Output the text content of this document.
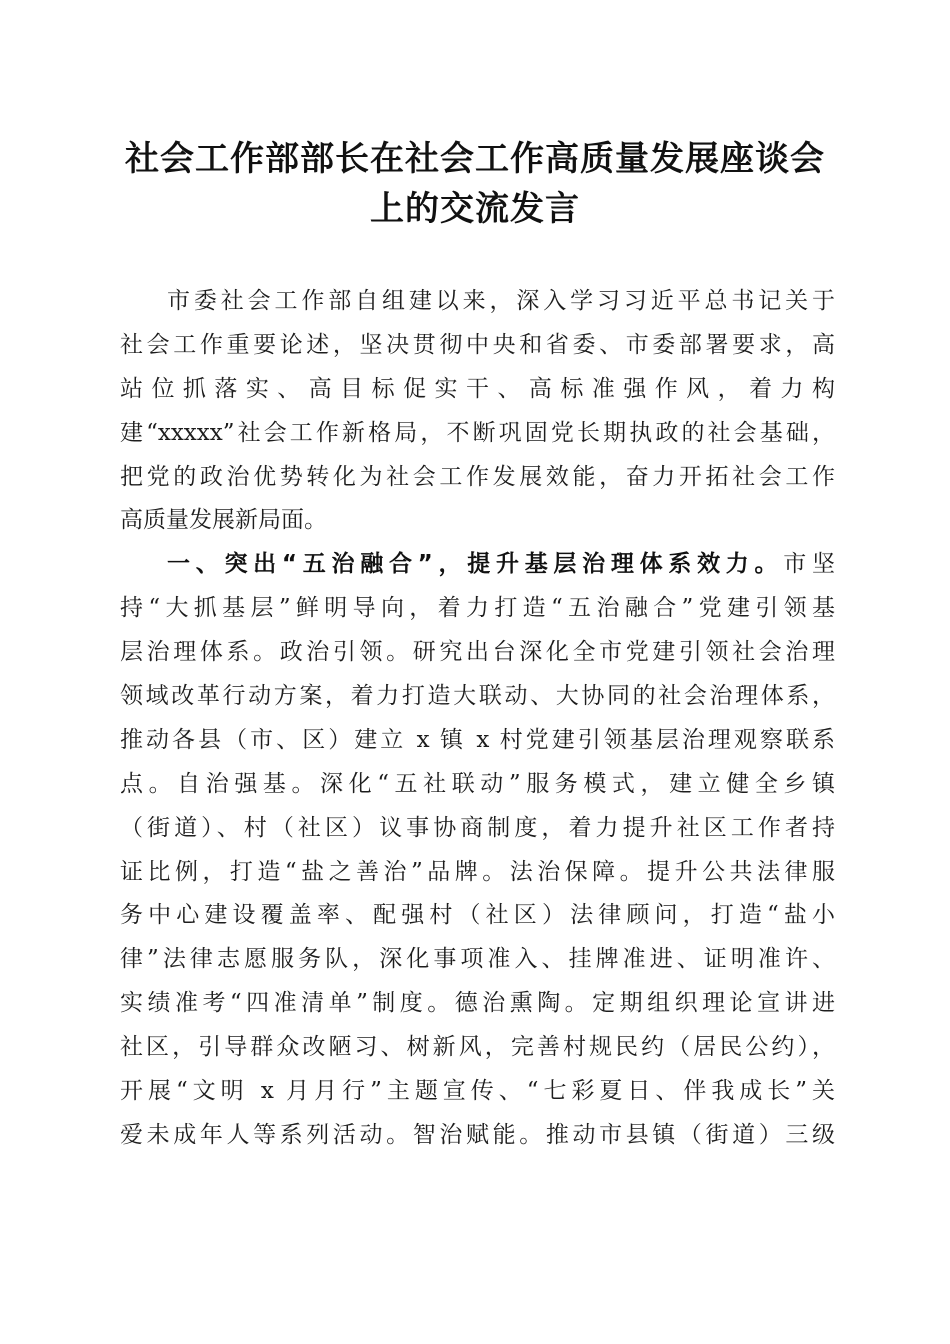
社会工作部部长在社会工作高质量发展座谈会
上的交流发言
市委社会工作部自组建以来，深入学习习近平总书记关于
社会工作重要论述，坚决贯彻中央和省委、市委部署要求，高
站位抓落实、高目标促实干、高标准强作风，着力构
建“xxxxx”社会工作新格局，不断巩固党长期执政的社会基础，
把党的政治优势转化为社会工作发展效能，奋力开拓社会工作
高质量发展新局面。
一、突出“五治融合”，提升基层治理体系效力。市坚
持“大抓基层”鲜明导向，着力打造“五治融合”党建引领基
层治理体系。政治引领。研究出台深化全市党建引领社会治理
领域改革行动方案，着力打造大联动、大协同的社会治理体系，
推动各县（市、区）建立 x 镇 x 村党建引领基层治理观察联系
点。自治强基。深化“五社联动”服务模式，建立健全乡镇
（街道）、村（社区）议事协商制度，着力提升社区工作者持
证比例，打造“盐之善治”品牌。法治保障。提升公共法律服
务中心建设覆盖率、配强村（社区）法律顾问，打造“盐小
律”法律志愿服务队，深化事项准入、挂牌准进、证明准许、
实绩准考“四准清单”制度。德治熏陶。定期组织理论宣讲进
社区，引导群众改陋习、树新风，完善村规民约（居民公约），
开展“文明 x 月月行”主题宣传、“七彩夏日、伴我成长”关
爱未成年人等系列活动。智治赋能。推动市县镇（街道）三级
